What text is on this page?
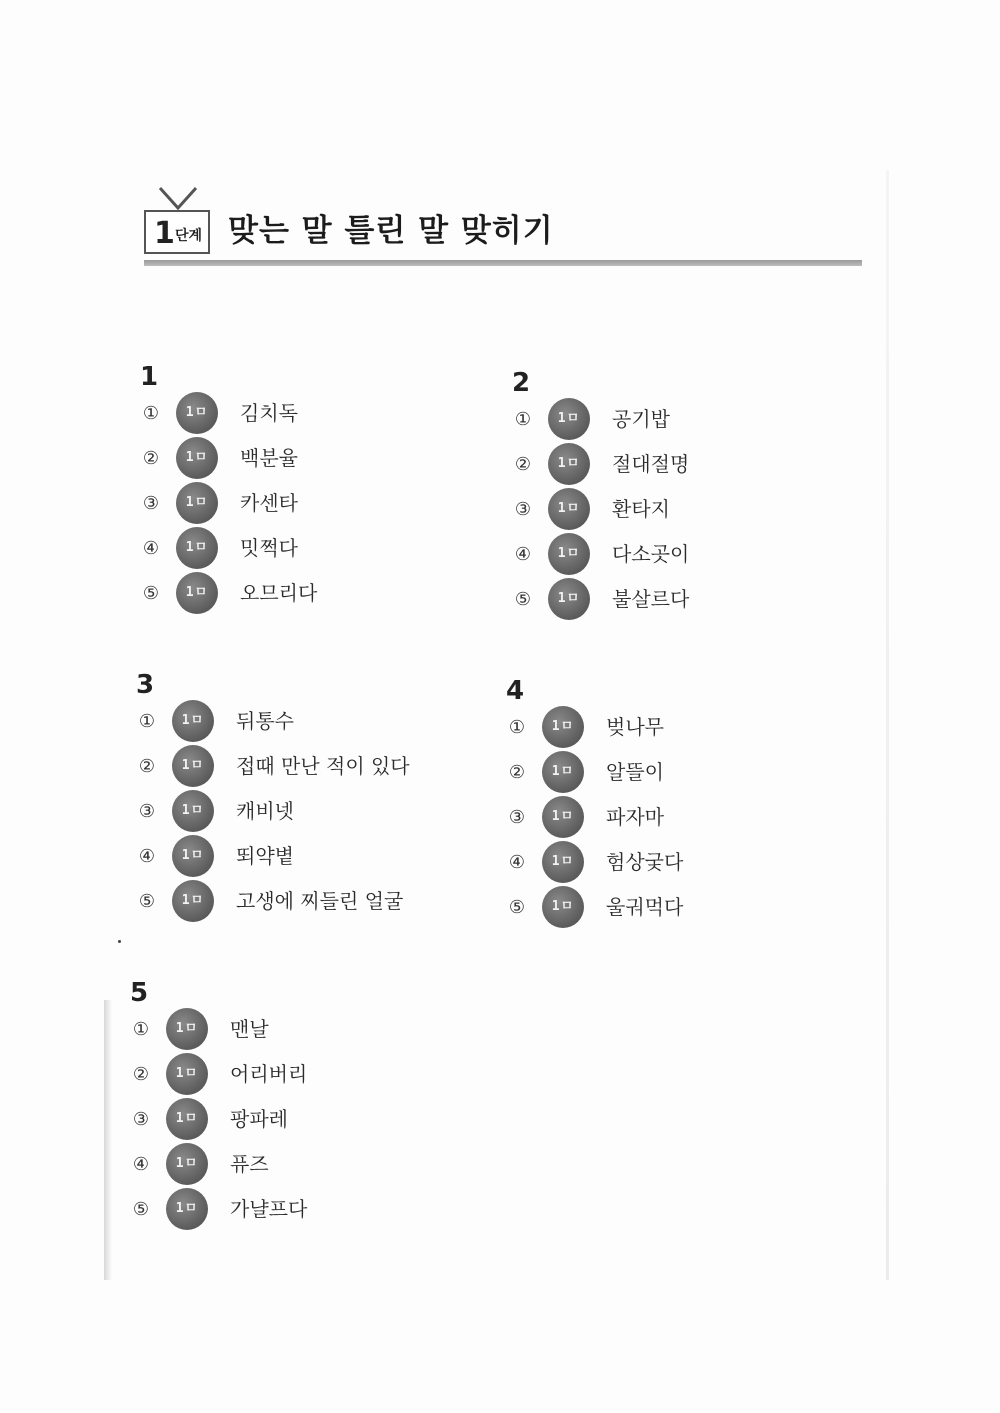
1 단계 맞는 말 틀린 말 맞히기
1
①	1ㅁ	김치독
②	1ㅁ	백분율
③	1ㅁ	카센타
④	1ㅁ	밋쩍다
⑤	1ㅁ	오므리다
2
①	1ㅁ	공기밥
②	1ㅁ	절대절명
③	1ㅁ	환타지
④	1ㅁ	다소곳이
⑤	1ㅁ	불살르다
3
①	1ㅁ	뒤통수
②	1ㅁ	접때 만난 적이 있다
③	1ㅁ	캐비넷
④	1ㅁ	뙤약볕
⑤	1ㅁ	고생에 찌들린 얼굴
4
①	1ㅁ	벚나무
②	1ㅁ	알뜰이
③	1ㅁ	파자마
④	1ㅁ	험상궂다
⑤	1ㅁ	울궈먹다
5
①	1ㅁ	맨날
②	1ㅁ	어리버리
③	1ㅁ	팡파레
④	1ㅁ	퓨즈
⑤	1ㅁ	가냘프다
